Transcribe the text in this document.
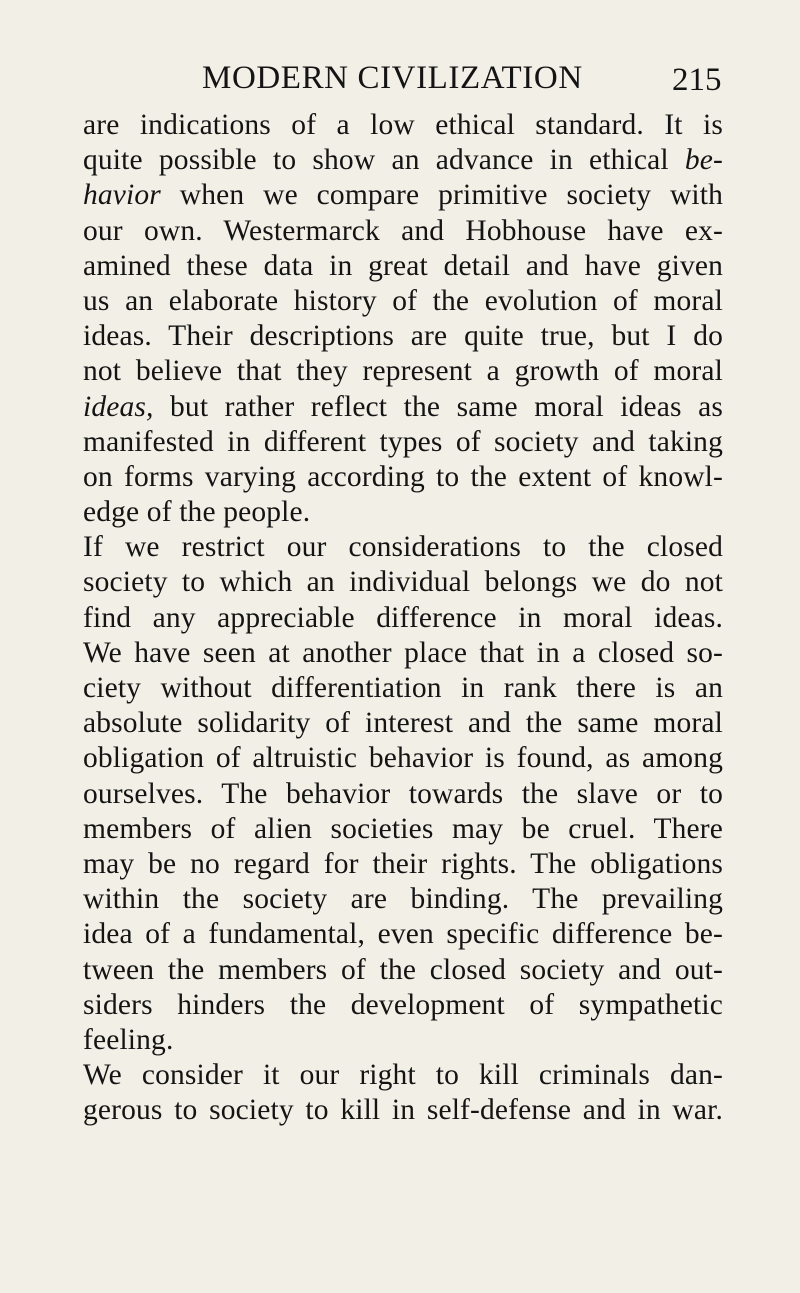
MODERN CIVILIZATION	215
are indications of a low ethical standard. It is
quite possible to show an advance in ethical be-
havior when we compare primitive society with
our own. Westermarck and Hobhouse have ex-
amined these data in great detail and have given
us an elaborate history of the evolution of moral
ideas. Their descriptions are quite true, but I do
not believe that they represent a growth of moral
ideas, but rather reflect the same moral ideas as
manifested in different types of society and taking
on forms varying according to the extent of knowl-
edge of the people.
If we restrict our considerations to the closed
society to which an individual belongs we do not
find any appreciable difference in moral ideas.
We have seen at another place that in a closed so-
ciety without differentiation in rank there is an
absolute solidarity of interest and the same moral
obligation of altruistic behavior is found, as among
ourselves. The behavior towards the slave or to
members of alien societies may be cruel. There
may be no regard for their rights. The obligations
within the society are binding. The prevailing
idea of a fundamental, even specific difference be-
tween the members of the closed society and out-
siders hinders the development of sympathetic
feeling.
We consider it our right to kill criminals dan-
gerous to society to kill in self-defense and in war.
